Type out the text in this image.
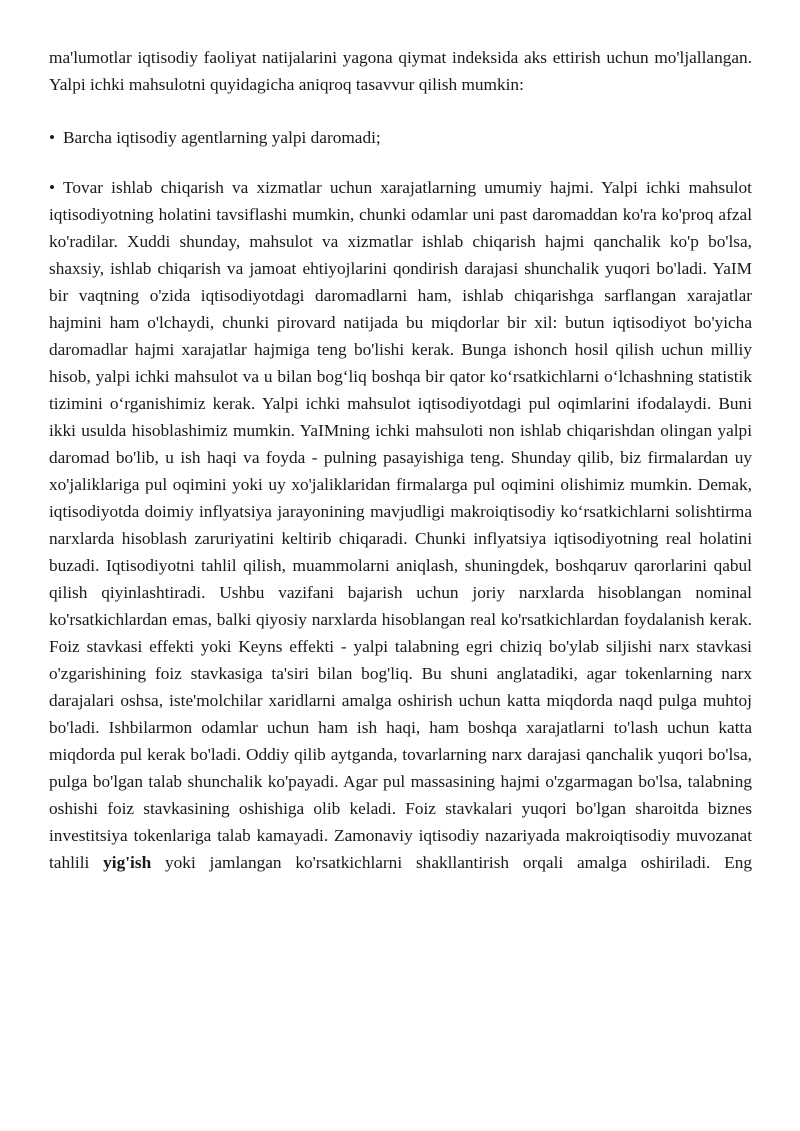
ma'lumotlar iqtisodiy faoliyat natijalarini yagona qiymat indeksida aks ettirish uchun mo'ljallangan. Yalpi ichki mahsulotni quyidagicha aniqroq tasavvur qilish mumkin:

• Barcha iqtisodiy agentlarning yalpi daromadi;

• Tovar ishlab chiqarish va xizmatlar uchun xarajatlarning umumiy hajmi. Yalpi ichki mahsulot iqtisodiyotning holatini tavsiflashi mumkin, chunki odamlar uni past daromaddan ko'ra ko'proq afzal ko'radilar. Xuddi shunday, mahsulot va xizmatlar ishlab chiqarish hajmi qanchalik ko'p bo'lsa, shaxsiy, ishlab chiqarish va jamoat ehtiyojlarini qondirish darajasi shunchalik yuqori bo'ladi. YaIM bir vaqtning o'zida iqtisodiyotdagi daromadlarni ham, ishlab chiqarishga sarflangan xarajatlar hajmini ham o'lchaydi, chunki pirovard natijada bu miqdorlar bir xil: butun iqtisodiyot bo'yicha daromadlar hajmi xarajatlar hajmiga teng bo'lishi kerak. Bunga ishonch hosil qilish uchun milliy hisob, yalpi ichki mahsulot va u bilan bog‘liq boshqa bir qator ko‘rsatkichlarni o‘lchashning statistik tizimini o‘rganishimiz kerak. Yalpi ichki mahsulot iqtisodiyotdagi pul oqimlarini ifodalaydi. Buni ikki usulda hisoblashimiz mumkin. YaIMning ichki mahsuloti non ishlab chiqarishdan olingan yalpi daromad bo'lib, u ish haqi va foyda - pulning pasayishiga teng. Shunday qilib, biz firmalardan uy xo'jaliklariga pul oqimini yoki uy xo'jaliklaridan firmalarga pul oqimini olishimiz mumkin. Demak, iqtisodiyotda doimiy inflyatsiya jarayonining mavjudligi makroiqtisodiy ko‘rsatkichlarni solishtirma narxlarda hisoblash zaruriyatini keltirib chiqaradi. Chunki inflyatsiya iqtisodiyotning real holatini buzadi. Iqtisodiyotni tahlil qilish, muammolarni aniqlash, shuningdek, boshqaruv qarorlarini qabul qilish qiyinlashtiradi. Ushbu vazifani bajarish uchun joriy narxlarda hisoblangan nominal ko'rsatkichlardan emas, balki qiyosiy narxlarda hisoblangan real ko'rsatkichlardan foydalanish kerak. Foiz stavkasi effekti yoki Keyns effekti - yalpi talabning egri chiziq bo'ylab siljishi narx stavkasi o'zgarishining foiz stavkasiga ta'siri bilan bog'liq. Bu shuni anglatadiki, agar tokenlarning narx darajalari oshsa, iste'molchilar xaridlarni amalga oshirish uchun katta miqdorda naqd pulga muhtoj bo'ladi. Ishbilarmon odamlar uchun ham ish haqi, ham boshqa xarajatlarni to'lash uchun katta miqdorda pul kerak bo'ladi. Oddiy qilib aytganda, tovarlarning narx darajasi qanchalik yuqori bo'lsa, pulga bo'lgan talab shunchalik ko'payadi. Agar pul massasining hajmi o'zgarmagan bo'lsa, talabning oshishi foiz stavkasining oshishiga olib keladi. Foiz stavkalari yuqori bo'lgan sharoitda biznes investitsiya tokenlariga talab kamayadi. Zamonaviy iqtisodiy nazariyada makroiqtisodiy muvozanat tahlili yig'ish yoki jamlangan ko'rsatkichlarni shakllantirish orqali amalga oshiriladi. Eng
